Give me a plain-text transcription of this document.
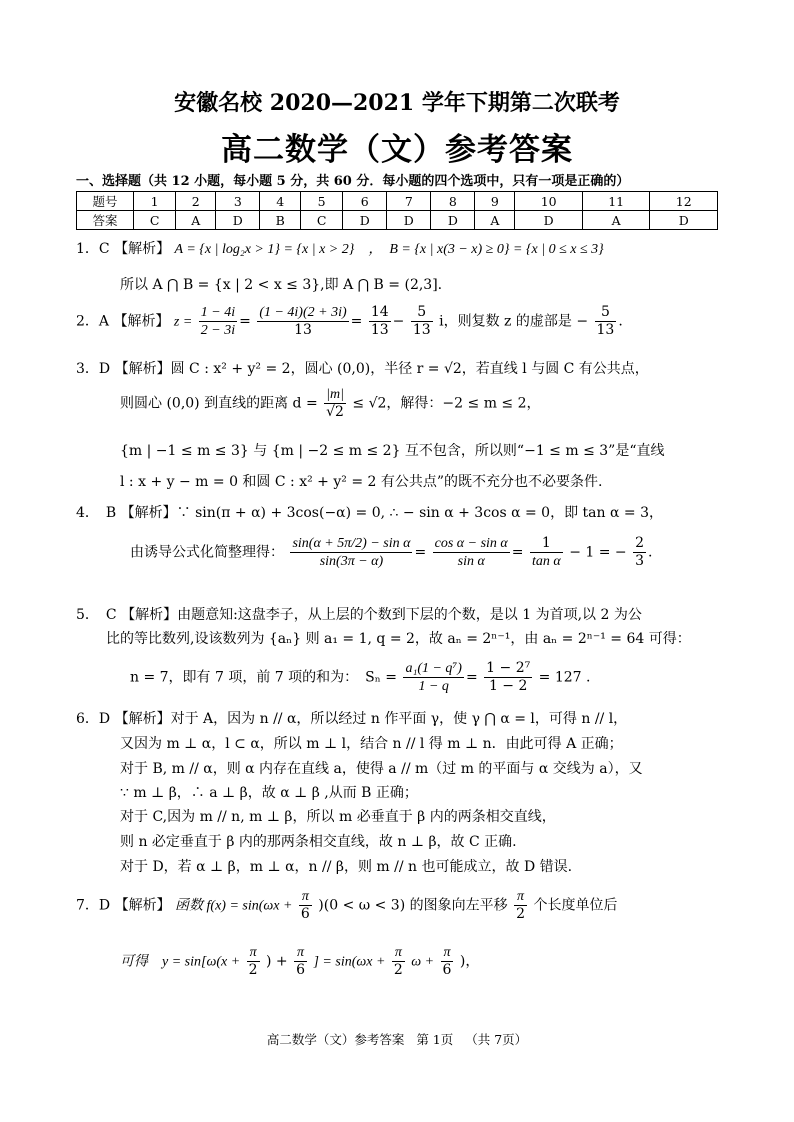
安徽名校 2020—2021 学年下期第二次联考
高二数学（文）参考答案
一、选择题（共 12 小题，每小题 5 分，共 60 分．每小题的四个选项中，只有一项是正确的）
题号	1	2	3	4	5	6	7	8	9	10	11	12
答案	C	A	D	B	C	D	D	D	A	D	A	D
1．C 【解析】 A = {x | log₂x > 1} = {x | x > 2}　，　B = {x | x(3 − x) ≥ 0} = {x | 0 ≤ x ≤ 3}
所以 A ⋂ B = {x | 2 < x ≤ 3},即 A ⋂ B = (2,3].
2．A 【解析】 $z = \frac{1 - 4i}{2 - 3i} = \frac{(1 - 4i)(2 + 3i)}{13} = \frac{14}{13} - \frac{5}{13}$ i，则复数 z 的虚部是 − $\frac{5}{13}$ .
3．D 【解析】圆 C : x² + y² = 2，圆心 (0,0)，半径 r = √2，若直线 l 与圆 C 有公共点，
则圆心 (0,0) 到直线的距离 $d = \frac{|m|}{√2} \le √2$，解得：−2 ≤ m ≤ 2，
{m | −1 ≤ m ≤ 3} 与 {m | −2 ≤ m ≤ 2} 互不包含，所以则“−1 ≤ m ≤ 3”是“直线
l : x + y − m = 0 和圆 C : x² + y² = 2 有公共点”的既不充分也不必要条件.
4．　B 【解析】∵ sin(π + α) + 3cos(−α) = 0, ∴ − sin α + 3cos α = 0，即 tan α = 3，
由诱导公式化简整理得： $\frac{\text{sin(α + 5π/2) − sin α}}{\sin(3\pi - \alpha)} = \frac{\text{cos α − sin α}}{\text{sin α}} = \frac{1}{\text{tan α}} - 1$ = − $\frac{2}{3}$ .
5．　C 【解析】由题意知:这盘李子，从上层的个数到下层的个数，是以 1 为首项,以 2 为公
比的等比数列,设该数列为 {aₙ} 则 a₁ = 1, q = 2，故 aₙ = 2ⁿ⁻¹，由 aₙ = 2ⁿ⁻¹ = 64 可得：
n = 7，即有 7 项，前 7 项的和为：　$S_n = \frac{\text{a₁(1 − q⁷)}}{1 - q} = \frac{\text{1 − 2⁷}}{1 - 2} = 127$ .
6．D 【解析】对于 A，因为 n // α，所以经过 n 作平面 γ，使 γ ⋂ α = l，可得 n // l，
又因为 m ⊥ α，l ⊂ α，所以 m ⊥ l，结合 n // l 得 m ⊥ n．由此可得 A 正确；
对于 B, m // α，则 α 内存在直线 a，使得 a // m（过 m 的平面与 α 交线为 a），又
∵ m ⊥ β，∴ a ⊥ β，故 α ⊥ β ,从而 B 正确；
对于 C,因为 m // n, m ⊥ β，所以 m 必垂直于 β 内的两条相交直线，
则 n 必定垂直于 β 内的那两条相交直线，故 n ⊥ β，故 C 正确.
对于 D，若 α ⊥ β，m ⊥ α，n // β，则 m // n 也可能成立，故 D 错误.
7．D 【解析】 函数 $f(x) = \sin(\omega x + \frac{\pi}{6} )(0 < \omega < 3)$ 的图象向左平移 $\frac{\pi}{2}$ 个长度单位后
可得　$y = \sin[\omega(x + \frac{\pi}{2}$ ) + $\frac{\pi}{6}$ ] = $\sin(\omega x + \frac{\pi}{2}$ $\omega + \frac{\pi}{6}$ )，
高二数学（文）参考答案 第 1页 （共 7页）
